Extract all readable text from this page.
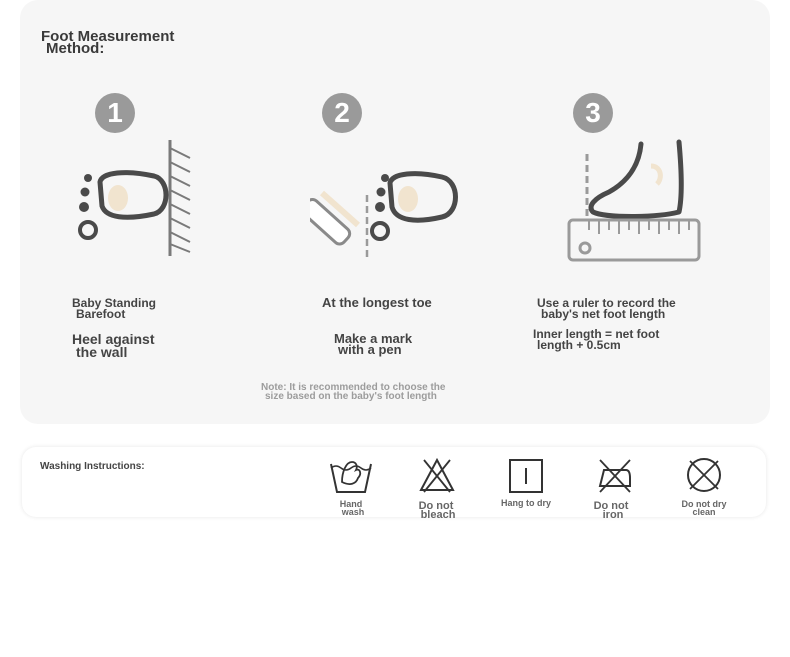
Foot Measurement
Method:
1
Baby Standing
Barefoot
Heel against
the wall
2
At the longest toe
Make a mark
with a pen
3
Use a ruler to record the
baby's net foot length
Inner length = net foot
length + 0.5cm
Note: It is recommended to choose the
size based on the baby's foot length
Washing Instructions:
Hand
wash	Do not
bleach
Hang to dry	Do not
iron
Do not dry
clean
